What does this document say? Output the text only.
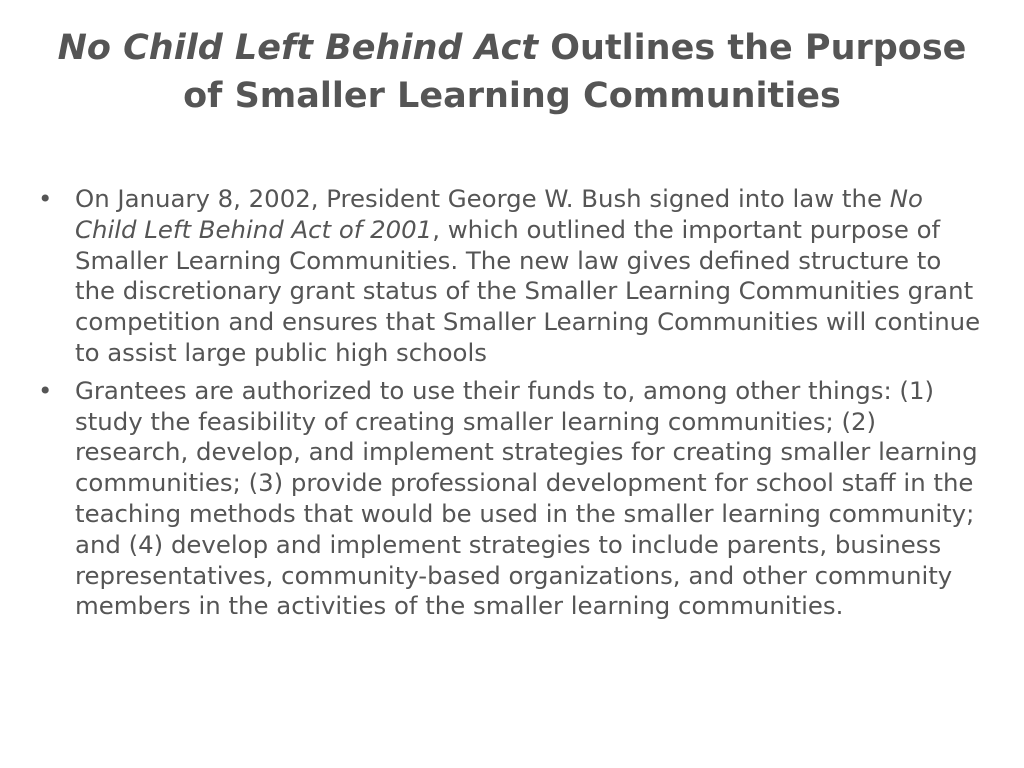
No Child Left Behind Act Outlines the Purpose of Smaller Learning Communities
• On January 8, 2002, President George W. Bush signed into law the No Child Left Behind Act of 2001, which outlined the important purpose of Smaller Learning Communities. The new law gives defined structure to the discretionary grant status of the Smaller Learning Communities grant competition and ensures that Smaller Learning Communities will continue to assist large public high schools
• Grantees are authorized to use their funds to, among other things: (1) study the feasibility of creating smaller learning communities; (2) research, develop, and implement strategies for creating smaller learning communities; (3) provide professional development for school staff in the teaching methods that would be used in the smaller learning community; and (4) develop and implement strategies to include parents, business representatives, community-based organizations, and other community members in the activities of the smaller learning communities.
